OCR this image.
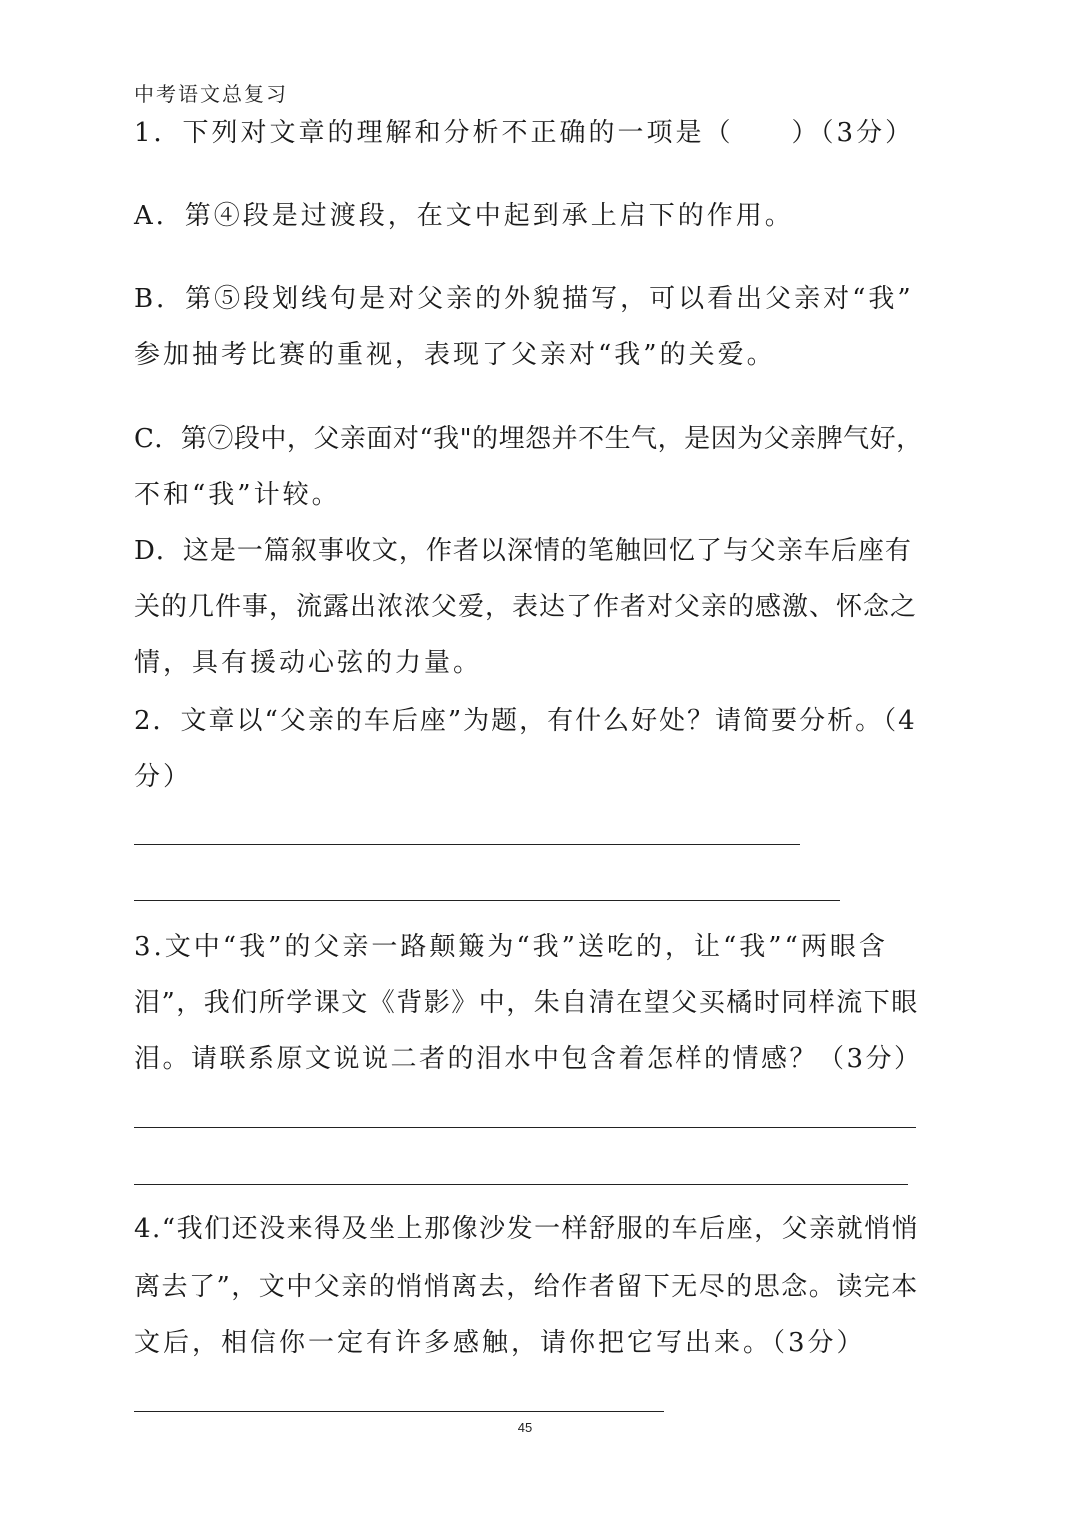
中考语文总复习
1．下列对文章的理解和分析不正确的一项是（　　）（3分）
A．第④段是过渡段，在文中起到承上启下的作用。
B．第⑤段划线句是对父亲的外貌描写，可以看出父亲对“我”
参加抽考比赛的重视，表现了父亲对“我”的关爱。
C．第⑦段中，父亲面对“我"的埋怨并不生气，是因为父亲脾气好，
不和“我”计较。
D．这是一篇叙事收文，作者以深情的笔触回忆了与父亲车后座有
关的几件事，流露出浓浓父爱，表达了作者对父亲的感激、怀念之
情，具有援动心弦的力量。
2．文章以“父亲的车后座”为题，有什么好处？请简要分析。（4
分）
3.文中“我”的父亲一路颠簸为“我”送吃的，让“我”“两眼含
泪”，我们所学课文《背影》中，朱自清在望父买橘时同样流下眼
泪。请联系原文说说二者的泪水中包含着怎样的情感？（3分）
4.“我们还没来得及坐上那像沙发一样舒服的车后座，父亲就悄悄
离去了”，文中父亲的悄悄离去，给作者留下无尽的思念。读完本
文后，相信你一定有许多感触，请你把它写出来。（3分）
45
